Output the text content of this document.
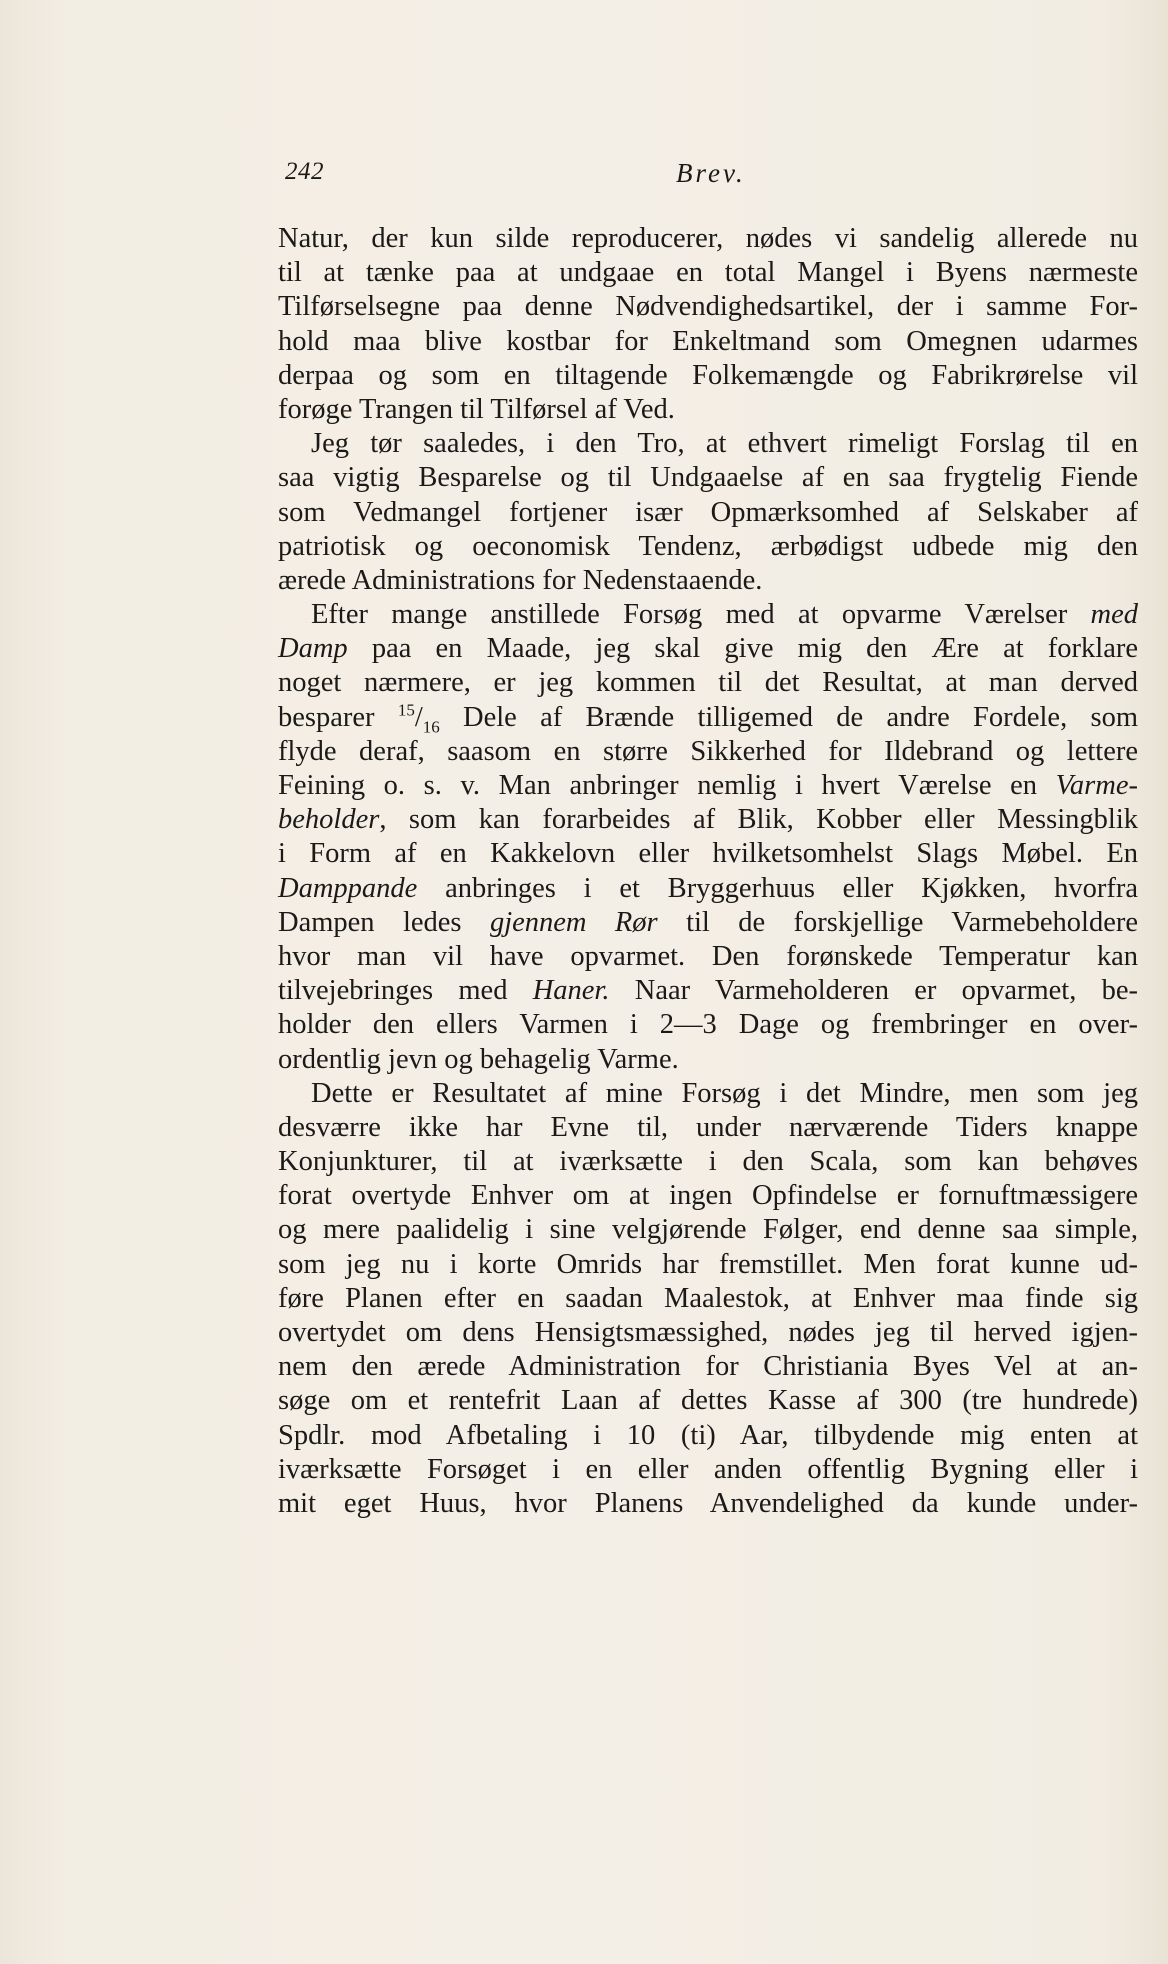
242	Brev.
Natur, der kun silde reproducerer, nødes vi sandelig allerede nu
til at tænke paa at undgaae en total Mangel i Byens nærmeste
Tilførselsegne paa denne Nødvendighedsartikel, der i samme For-
hold maa blive kostbar for Enkeltmand som Omegnen udarmes
derpaa og som en tiltagende Folkemængde og Fabrikrørelse vil
forøge Trangen til Tilførsel af Ved.
Jeg tør saaledes, i den Tro, at ethvert rimeligt Forslag til en
saa vigtig Besparelse og til Undgaaelse af en saa frygtelig Fiende
som Vedmangel fortjener især Opmærksomhed af Selskaber af
patriotisk og oeconomisk Tendenz, ærbødigst udbede mig den
ærede Administrations for Nedenstaaende.
Efter mange anstillede Forsøg med at opvarme Værelser med
Damp paa en Maade, jeg skal give mig den Ære at forklare
noget nærmere, er jeg kommen til det Resultat, at man derved
besparer $^{15}/_{16}$ Dele af Brænde tilligemed de andre Fordele, som
flyde deraf, saasom en større Sikkerhed for Ildebrand og lettere
Feining o. s. v. Man anbringer nemlig i hvert Værelse en Varme-
beholder, som kan forarbeides af Blik, Kobber eller Messingblik
i Form af en Kakkelovn eller hvilketsomhelst Slags Møbel. En
Damppande anbringes i et Bryggerhuus eller Kjøkken, hvorfra
Dampen ledes gjennem Rør til de forskjellige Varmebeholdere
hvor man vil have opvarmet. Den forønskede Temperatur kan
tilvejebringes med Haner. Naar Varmeholderen er opvarmet, be-
holder den ellers Varmen i 2—3 Dage og frembringer en over-
ordentlig jevn og behagelig Varme.
Dette er Resultatet af mine Forsøg i det Mindre, men som jeg
desværre ikke har Evne til, under nærværende Tiders knappe
Konjunkturer, til at iværksætte i den Scala, som kan behøves
forat overtyde Enhver om at ingen Opfindelse er fornuftmæssigere
og mere paalidelig i sine velgjørende Følger, end denne saa simple,
som jeg nu i korte Omrids har fremstillet. Men forat kunne ud-
føre Planen efter en saadan Maalestok, at Enhver maa finde sig
overtydet om dens Hensigtsmæssighed, nødes jeg til herved igjen-
nem den ærede Administration for Christiania Byes Vel at an-
søge om et rentefrit Laan af dettes Kasse af 300 (tre hundrede)
Spdlr. mod Afbetaling i 10 (ti) Aar, tilbydende mig enten at
iværksætte Forsøget i en eller anden offentlig Bygning eller i
mit eget Huus, hvor Planens Anvendelighed da kunde under-
